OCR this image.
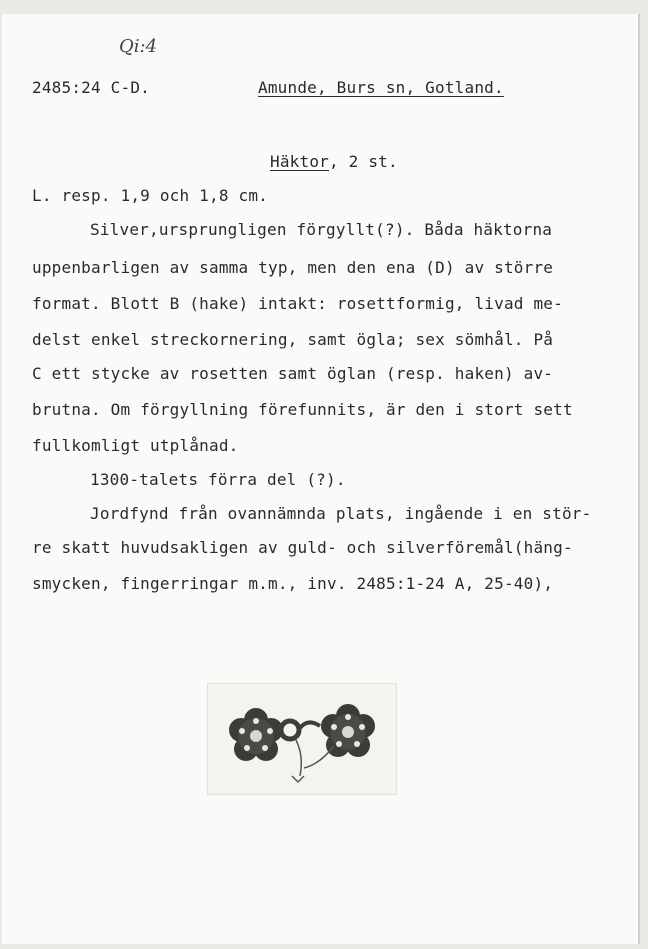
Qi:4
2485:24 C-D.	Amunde, Burs sn, Gotland.
Häktor, 2 st.
L. resp. 1,9 och 1,8 cm.
Silver,ursprungligen förgyllt(?). Båda häktorna
uppenbarligen av samma typ, men den ena (D) av större
format. Blott B (hake) intakt: rosettformig, livad me-
delst enkel streckornering, samt ögla; sex sömhål. På
C ett stycke av rosetten samt öglan (resp. haken) av-
brutna. Om förgyllning förefunnits, är den i stort sett
fullkomligt utplånad.
1300-talets förra del (?).
Jordfynd från ovannämnda plats, ingående i en stör-
re skatt huvudsakligen av guld- och silverföremål(häng-
smycken, fingerringar m.m., inv. 2485:1-24 A, 25-40),
